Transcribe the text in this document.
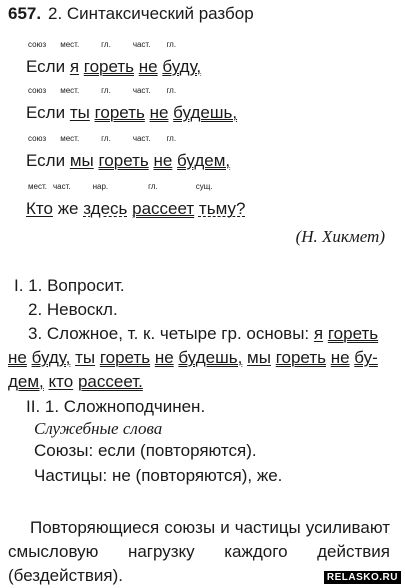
657. 2. Синтаксический разбор
союз мест.	гл.	част. гл.
Если я гореть не буду,
союз мест.	гл.	част. гл.
Если ты гореть не будешь,
союз мест.	гл.	част. гл.
Если мы гореть не будем,
мест. част.	нар.	гл.	сущ.
Кто же здесь рассеет тьму?
(Н. Хикмет)
I. 1. Вопросит.
2. Невоскл.
3. Сложное, т. к. четыре гр. основы: я гореть
не буду, ты гореть не будешь, мы гореть не бу-
дем, кто рассеет.
II. 1. Сложноподчинен.
Служебные слова
Союзы: если (повторяются).
Частицы: не (повторяются), же.
Повторяющиеся союзы и частицы усиливают смысловую нагрузку каждого действия (бездействия).	RELASKO.RU
